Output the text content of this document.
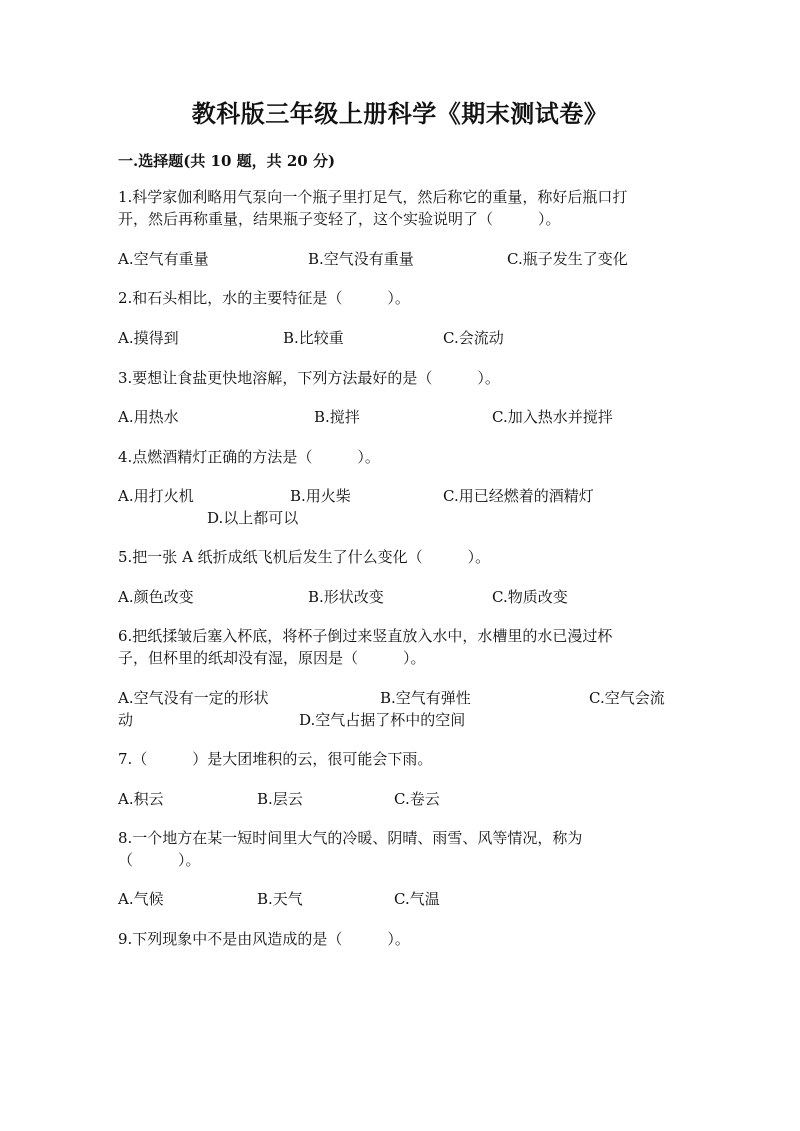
教科版三年级上册科学《期末测试卷》
一.选择题(共 10 题，共 20 分)
1.科学家伽利略用气泵向一个瓶子里打足气，然后称它的重量，称好后瓶口打
开，然后再称重量，结果瓶子变轻了，这个实验说明了（　　　）。
A.空气有重量	B.空气没有重量	C.瓶子发生了变化
2.和石头相比，水的主要特征是（　　　）。
A.摸得到	B.比较重	C.会流动
3.要想让食盐更快地溶解，下列方法最好的是（　　　）。
A.用热水	B.搅拌	C.加入热水并搅拌
4.点燃酒精灯正确的方法是（　　　）。
A.用打火机	B.用火柴	C.用已经燃着的酒精灯
D.以上都可以
5.把一张 A 纸折成纸飞机后发生了什么变化（　　　）。
A.颜色改变	B.形状改变	C.物质改变
6.把纸揉皱后塞入杯底，将杯子倒过来竖直放入水中，水槽里的水已漫过杯
子，但杯里的纸却没有湿，原因是（　　　）。
A.空气没有一定的形状	B.空气有弹性	C.空气会流
动	D.空气占据了杯中的空间
7.（　　　）是大团堆积的云，很可能会下雨。
A.积云	B.层云	C.卷云
8.一个地方在某一短时间里大气的冷暖、阴晴、雨雪、风等情况，称为
（　　　）。
A.气候	B.天气	C.气温
9.下列现象中不是由风造成的是（　　　）。
